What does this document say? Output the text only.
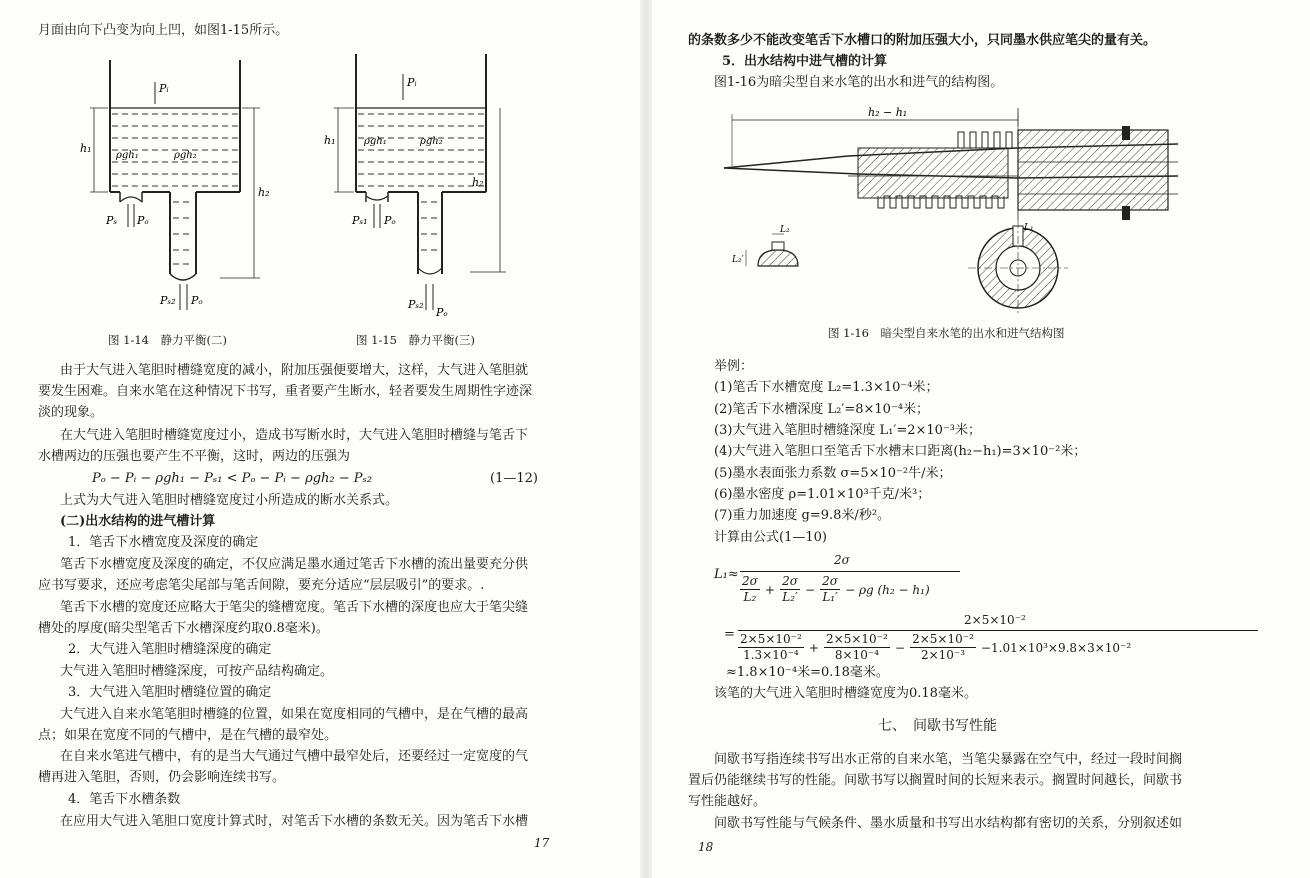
月面由向下凸变为向上凹，如图1-15所示。
Pᵢ
h₁
ρgh₁	ρgh₂
h₂
Pₛ Pₒ
Pₛ₂ Pₒ
Pᵢ
h₁	ρgh₁	ρgh₂
h₂
Pₛ₁ Pₒ
Pₛ₂
Pₒ
图 1-14　静力平衡(二)	图 1-15　静力平衡(三)
由于大气进入笔胆时槽缝宽度的减小，附加压强便要增大，这样，大气进入笔胆就
要发生困难。自来水笔在这种情况下书写，重者要产生断水，轻者要发生周期性字迹深
淡的现象。
在大气进入笔胆时槽缝宽度过小，造成书写断水时，大气进入笔胆时槽缝与笔舌下
水槽两边的压强也要产生不平衡，这时，两边的压强为
Pₒ − Pᵢ − ρgh₁ − Pₛ₁ < Pₒ − Pᵢ − ρgh₂ − Pₛ₂	(1—12)
上式为大气进入笔胆时槽缝宽度过小所造成的断水关系式。
(二)出水结构的进气槽计算
1．笔舌下水槽宽度及深度的确定
笔舌下水槽宽度及深度的确定，不仅应满足墨水通过笔舌下水槽的流出量要充分供
应书写要求，还应考虑笔尖尾部与笔舌间隙，要充分适应“层层吸引”的要求。.
笔舌下水槽的宽度还应略大于笔尖的缝槽宽度。笔舌下水槽的深度也应大于笔尖缝
槽处的厚度(暗尖型笔舌下水槽深度约取0.8毫米)。
2．大气进入笔胆时槽缝深度的确定
大气进入笔胆时槽缝深度，可按产品结构确定。
3．大气进入笔胆时槽缝位置的确定
大气进入自来水笔笔胆时槽缝的位置，如果在宽度相同的气槽中，是在气槽的最高
点；如果在宽度不同的气槽中，是在气槽的最窄处。
在自来水笔进气槽中，有的是当大气通过气槽中最窄处后，还要经过一定宽度的气
槽再进入笔胆，否则，仍会影响连续书写。
4．笔舌下水槽条数
在应用大气进入笔胆口宽度计算式时，对笔舌下水槽的条数无关。因为笔舌下水槽
17
的条数多少不能改变笔舌下水槽口的附加压强大小，只同墨水供应笔尖的量有关。
5．出水结构中进气槽的计算
图1-16为暗尖型自来水笔的出水和进气的结构图。
h₂ − h₁
L₂
L₂′
L₁
图 1-16　暗尖型自来水笔的出水和进气结构图
举例：
(1)笔舌下水槽宽度 L₂=1.3×10⁻⁴米；
(2)笔舌下水槽深度 L₂′=8×10⁻⁴米；
(3)大气进入笔胆时槽缝深度 L₁′=2×10⁻³米；
(4)大气进入笔胆口至笔舌下水槽末口距离(h₂−h₁)=3×10⁻²米；
(5)墨水表面张力系数 σ=5×10⁻²牛/米；
(6)墨水密度 ρ=1.01×10³千克/米³；
(7)重力加速度 g=9.8米/秒²。
计算由公式(1—10)
L₁≈
2σ
$\frac{2\sigma}{\text{L₂}} + \frac{2\sigma}{\text{L₂′}} - \frac{2\sigma}{\text{L₁′}} - \rho g$ (h₂ − h₁)
=
2×5×10⁻²
$\frac{\text{2×5×10⁻²}}{\text{1.3×10⁻⁴}} + \frac{\text{2×5×10⁻²}}{\text{8×10⁻⁴}} - \frac{\text{2×5×10⁻²}}{\text{2×10⁻³}} -1.01\times 10^3\times 9.8\times 3\times 10^{-2}$
≈1.8×10⁻⁴米=0.18毫米。
该笔的大气进入笔胆时槽缝宽度为0.18毫米。
七、　间歇书写性能
间歇书写指连续书写出水正常的自来水笔，当笔尖暴露在空气中，经过一段时间搁
置后仍能继续书写的性能。间歇书写以搁置时间的长短来表示。搁置时间越长，间歇书
写性能越好。
间歇书写性能与气候条件、墨水质量和书写出水结构都有密切的关系，分别叙述如
18
